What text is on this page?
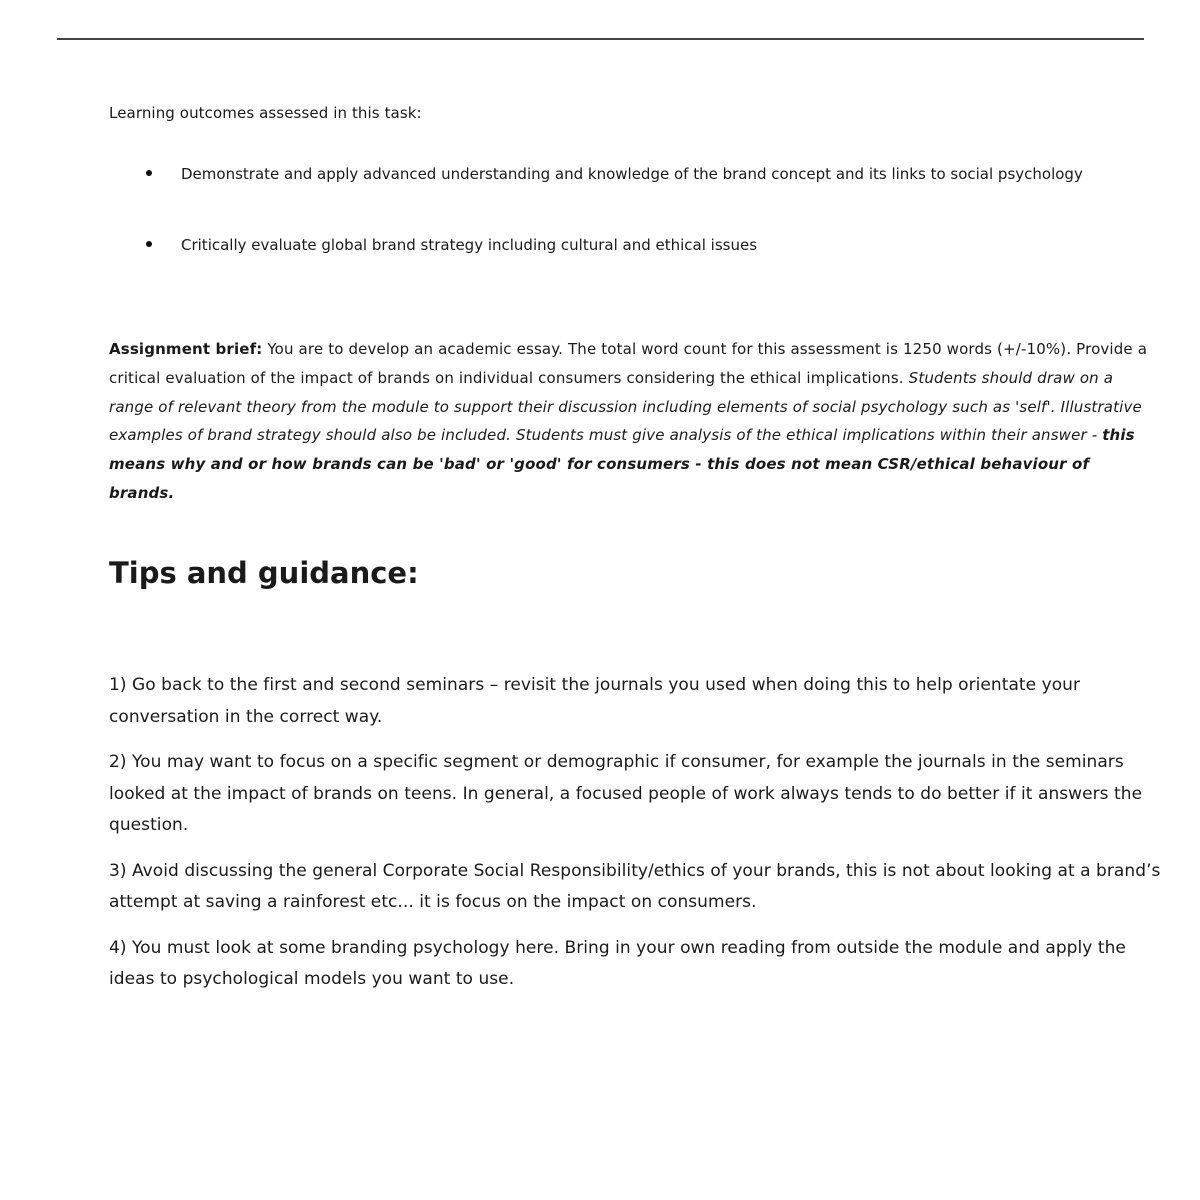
Learning outcomes assessed in this task:
Demonstrate and apply advanced understanding and knowledge of the brand concept and its links to social psychology
Critically evaluate global brand strategy including cultural and ethical issues

Assignment brief: You are to develop an academic essay. The total word count for this assessment is 1250 words (+/-10%). Provide a critical evaluation of the impact of brands on individual consumers considering the ethical implications. Students should draw on a range of relevant theory from the module to support their discussion including elements of social psychology such as 'self'. Illustrative examples of brand strategy should also be included. Students must give analysis of the ethical implications within their answer - this means why and or how brands can be 'bad' or 'good' for consumers - this does not mean CSR/ethical behaviour of brands.

Tips and guidance:

1) Go back to the first and second seminars – revisit the journals you used when doing this to help orientate your conversation in the correct way.

2) You may want to focus on a specific segment or demographic if consumer, for example the journals in the seminars looked at the impact of brands on teens. In general, a focused people of work always tends to do better if it answers the question.

3) Avoid discussing the general Corporate Social Responsibility/ethics of your brands, this is not about looking at a brand’s attempt at saving a rainforest etc... it is focus on the impact on consumers.

4) You must look at some branding psychology here. Bring in your own reading from outside the module and apply the ideas to psychological models you want to use.
